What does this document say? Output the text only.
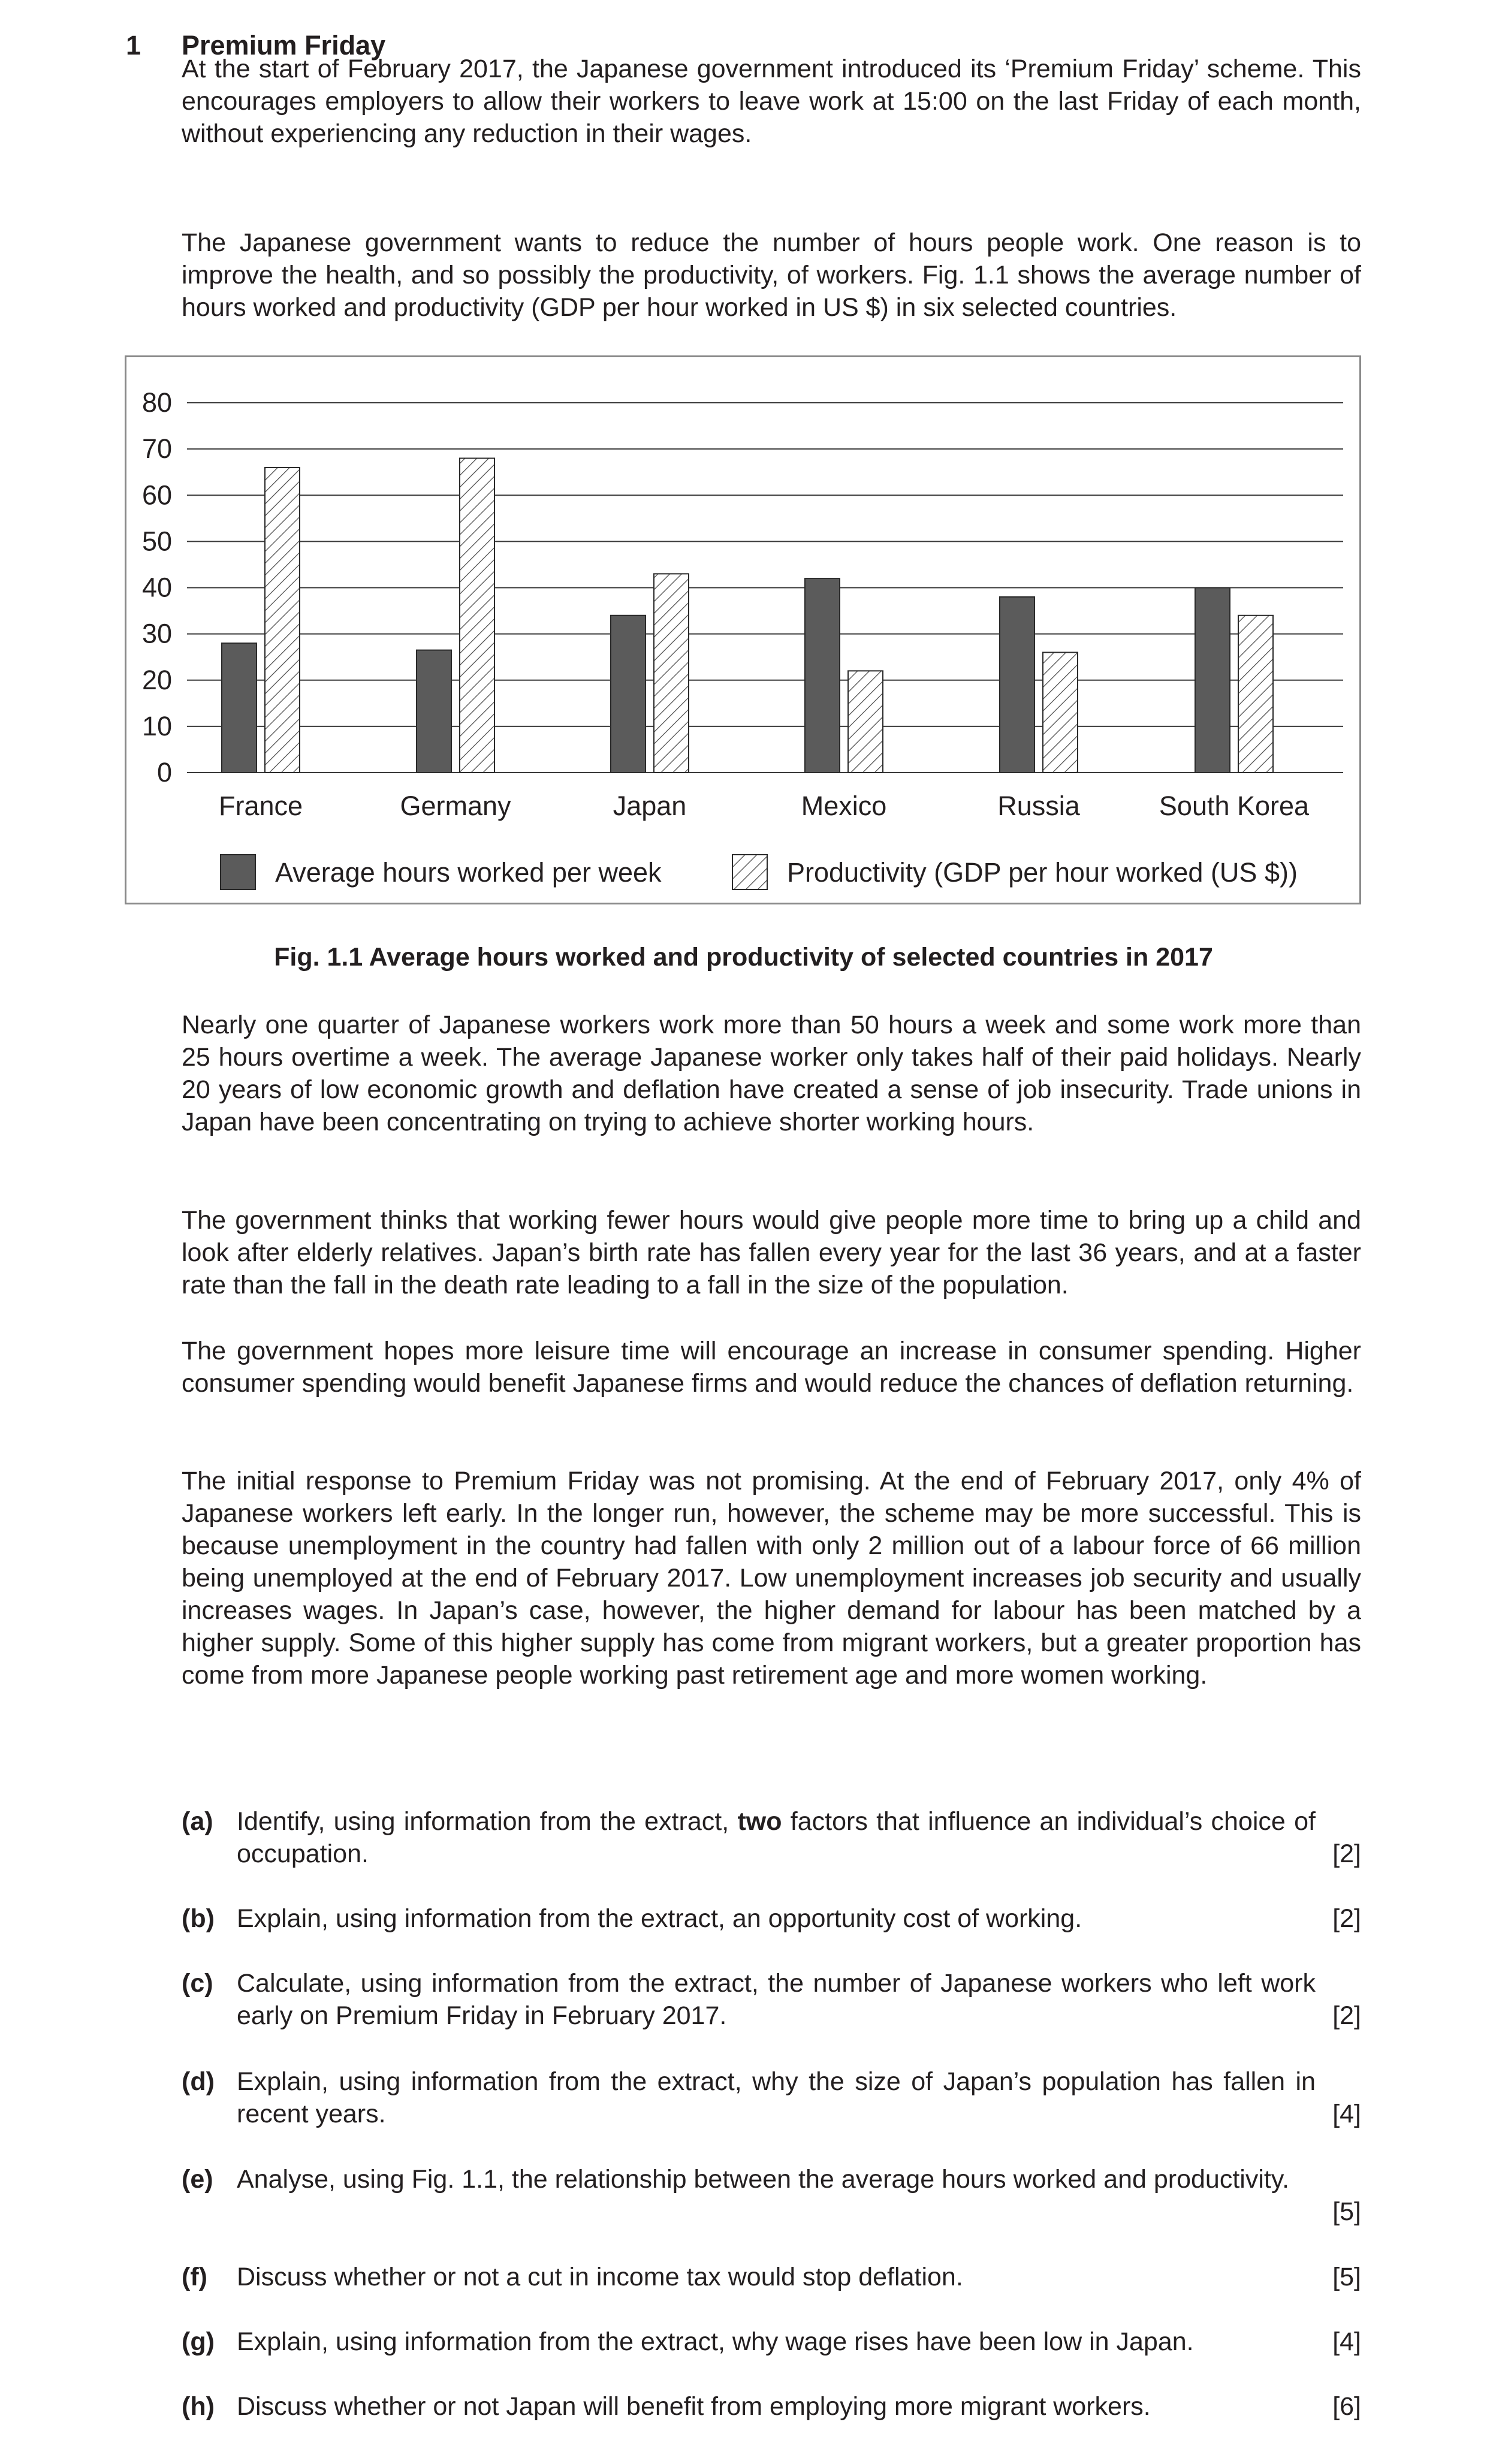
1 Premium Friday

At the start of February 2017, the Japanese government introduced its ‘Premium Friday’ scheme. This encourages employers to allow their workers to leave work at 15:00 on the last Friday of each month, without experiencing any reduction in their wages.

The Japanese government wants to reduce the number of hours people work. One reason is to improve the health, and so possibly the productivity, of workers. Fig. 1.1 shows the average number of hours worked and productivity (GDP per hour worked in US $) in six selected countries.

0
10
20
30
40
50
60
70
80
France	Germany	Japan	Mexico	Russia	South Korea
Average hours worked per week	Productivity (GDP per hour worked (US $))
Fig. 1.1 Average hours worked and productivity of selected countries in 2017

Nearly one quarter of Japanese workers work more than 50 hours a week and some work more than 25 hours overtime a week. The average Japanese worker only takes half of their paid holidays. Nearly 20 years of low economic growth and deflation have created a sense of job insecurity. Trade unions in Japan have been concentrating on trying to achieve shorter working hours.

The government thinks that working fewer hours would give people more time to bring up a child and look after elderly relatives. Japan’s birth rate has fallen every year for the last 36 years, and at a faster rate than the fall in the death rate leading to a fall in the size of the population.

The government hopes more leisure time will encourage an increase in consumer spending. Higher consumer spending would benefit Japanese firms and would reduce the chances of deflation returning.

The initial response to Premium Friday was not promising. At the end of February 2017, only 4% of Japanese workers left early. In the longer run, however, the scheme may be more successful. This is because unemployment in the country had fallen with only 2 million out of a labour force of 66 million being unemployed at the end of February 2017. Low unemployment increases job security and usually increases wages. In Japan’s case, however, the higher demand for labour has been matched by a higher supply. Some of this higher supply has come from migrant workers, but a greater proportion has come from more Japanese people working past retirement age and more women working.

(a) Identify, using information from the extract, two factors that influence an individual’s choice of occupation.	[2]
(b) Explain, using information from the extract, an opportunity cost of working.	[2]
(c) Calculate, using information from the extract, the number of Japanese workers who left work early on Premium Friday in February 2017.	[2]
(d) Explain, using information from the extract, why the size of Japan’s population has fallen in recent years.	[4]
(e) Analyse, using Fig. 1.1, the relationship between the average hours worked and productivity.
[5]
(f) Discuss whether or not a cut in income tax would stop deflation.	[5]
(g) Explain, using information from the extract, why wage rises have been low in Japan.	[4]
(h) Discuss whether or not Japan will benefit from employing more migrant workers.	[6]
